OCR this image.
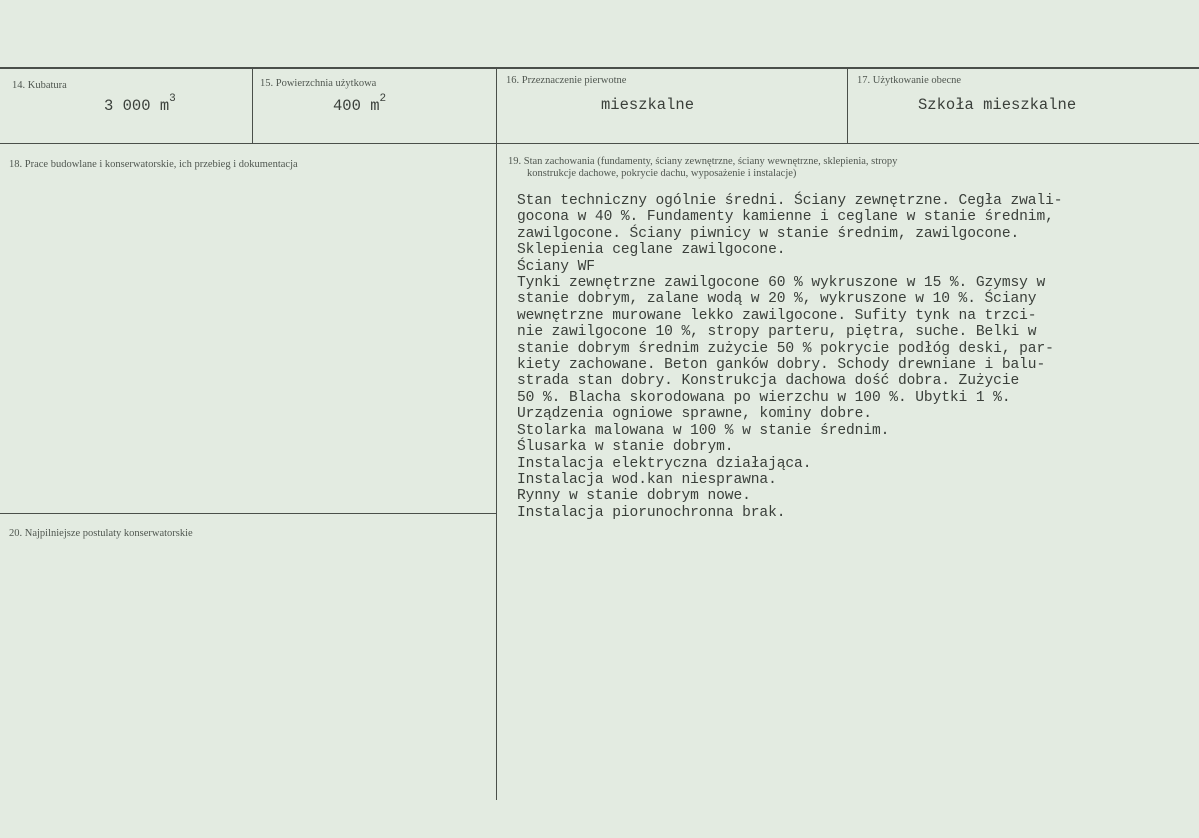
14. Kubatura
3 000 $m^3$
15. Powierzchnia użytkowa
400 $m^2$
16. Przeznaczenie pierwotne
mieszkalne
17. Użytkowanie obecne
Szkoła mieszkalne
18. Prace budowlane i konserwatorskie, ich przebieg i dokumentacja	19. Stan zachowania (fundamenty, ściany zewnętrzne, ściany wewnętrzne, sklepienia, stropy
konstrukcje dachowe, pokrycie dachu, wyposażenie i instalacje)
Stan techniczny ogólnie średni. Ściany zewnętrzne. Cegła zwali-
gocona w 40 %. Fundamenty kamienne i ceglane w stanie średnim,
zawilgocone. Ściany piwnicy w stanie średnim, zawilgocone.
Sklepienia ceglane zawilgocone.
Ściany WF
Tynki zewnętrzne zawilgocone 60 % wykruszone w 15 %. Gzymsy w
stanie dobrym, zalane wodą w 20 %, wykruszone w 10 %. Ściany
wewnętrzne murowane lekko zawilgocone. Sufity tynk na trzci-
nie zawilgocone 10 %, stropy parteru, piętra, suche. Belki w
stanie dobrym średnim zużycie 50 % pokrycie podłóg deski, par-
kiety zachowane. Beton ganków dobry. Schody drewniane i balu-
strada stan dobry. Konstrukcja dachowa dość dobra. Zużycie
50 %. Blacha skorodowana po wierzchu w 100 %. Ubytki 1 %.
Urządzenia ogniowe sprawne, kominy dobre.
Stolarka malowana w 100 % w stanie średnim.
Ślusarka w stanie dobrym.
Instalacja elektryczna działająca.
Instalacja wod.kan niesprawna.
Rynny w stanie dobrym nowe.
Instalacja piorunochronna brak.
20. Najpilniejsze postulaty konserwatorskie
